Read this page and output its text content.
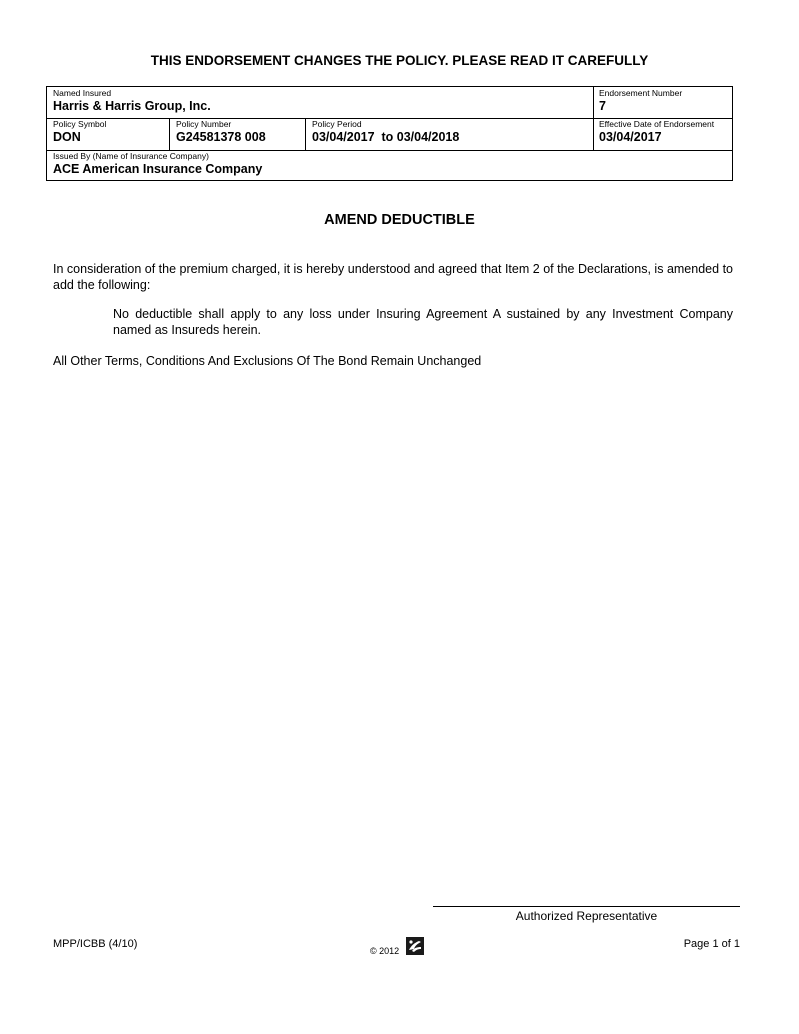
THIS ENDORSEMENT CHANGES THE POLICY. PLEASE READ IT CAREFULLY
Named Insured
Harris & Harris Group, Inc.
Endorsement Number
7
Policy Symbol
DON
Policy Number
G24581378 008
Policy Period
03/04/2017  to 03/04/2018
Effective Date of Endorsement
03/04/2017
Issued By (Name of Insurance Company)
ACE American Insurance Company
AMEND DEDUCTIBLE
In consideration of the premium charged, it is hereby understood and agreed that Item 2 of the Declarations, is amended to add the following:
No deductible shall apply to any loss under Insuring Agreement A sustained by any Investment Company named as Insureds herein.
All Other Terms, Conditions And Exclusions Of The Bond Remain Unchanged
Authorized Representative
MPP/ICBB (4/10)
© 2012
Page 1 of 1
